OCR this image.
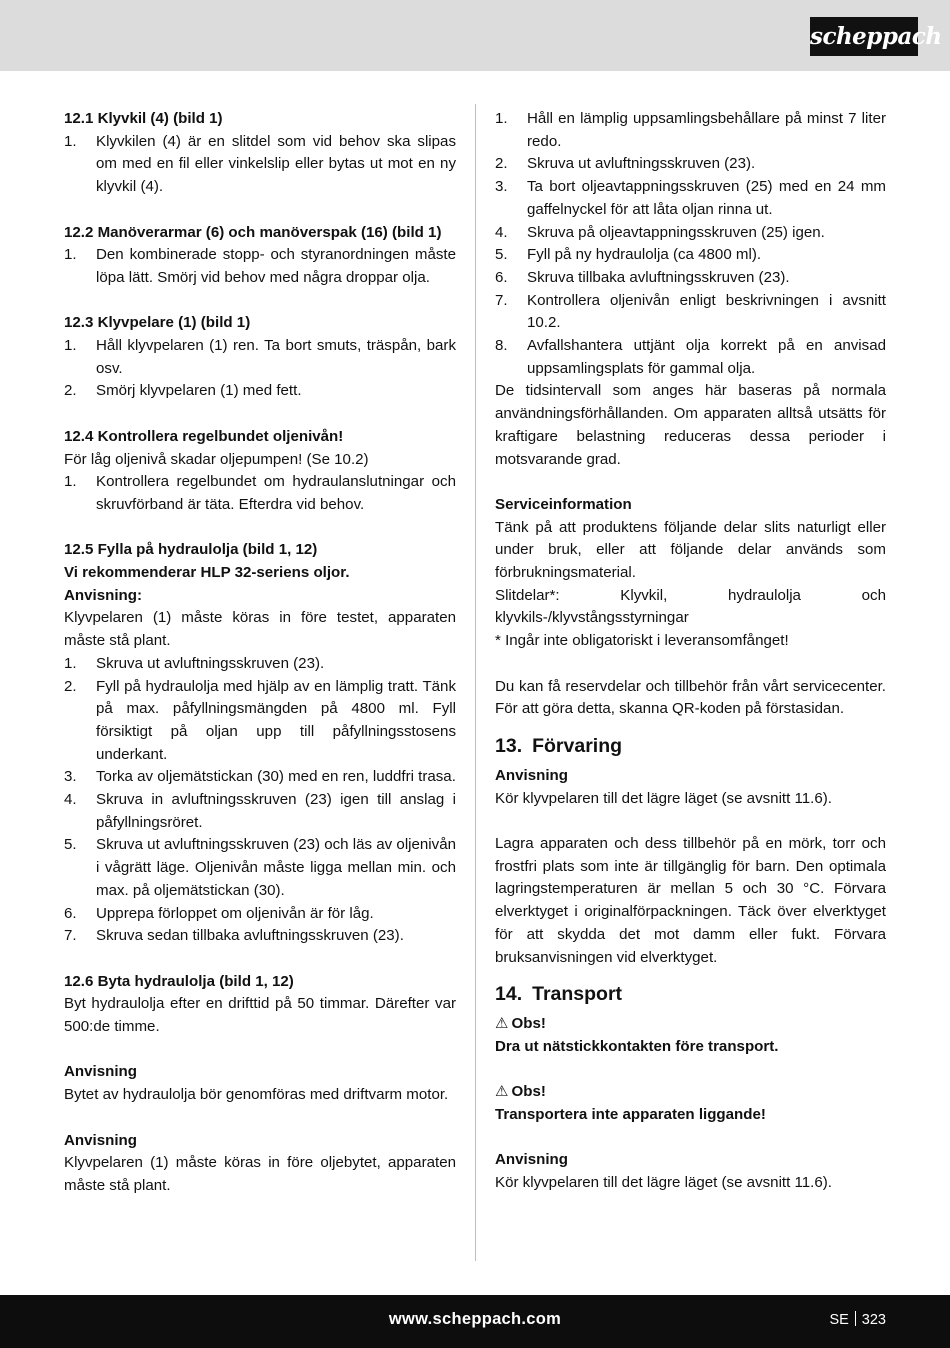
scheppach

12.1 Klyvkil (4) (bild 1)

1.	Klyvkilen (4) är en slitdel som vid behov ska slipas om med en fil eller vinkelslip eller bytas ut mot en ny klyvkil (4).

12.2 Manöverarmar (6) och manöverspak (16) (bild 1)

1.	Den kombinerade stopp- och styranordningen måste löpa lätt. Smörj vid behov med några droppar olja.

12.3 Klyvpelare (1) (bild 1)

1.	Håll klyvpelaren (1) ren. Ta bort smuts, träspån, bark osv.
2.	Smörj klyvpelaren (1) med fett.

12.4 Kontrollera regelbundet oljenivån!

För låg oljenivå skadar oljepumpen! (Se 10.2)

1.	Kontrollera regelbundet om hydraulanslutningar och skruvförband är täta. Efterdra vid behov.

12.5 Fylla på hydraulolja (bild 1, 12)

Vi rekommenderar HLP 32-seriens oljor.

Anvisning:

Klyvpelaren (1) måste köras in före testet, apparaten måste stå plant.

1.	Skruva ut avluftningsskruven (23).
2.	Fyll på hydraulolja med hjälp av en lämplig tratt. Tänk på max. påfyllningsmängden på 4800 ml. Fyll försiktigt på oljan upp till påfyllningsstosens underkant.
3.	Torka av oljemätstickan (30) med en ren, luddfri trasa.
4.	Skruva in avluftningsskruven (23) igen till anslag i påfyllningsröret.
5.	Skruva ut avluftningsskruven (23) och läs av oljenivån i vågrätt läge. Oljenivån måste ligga mellan min. och max. på oljemätstickan (30).
6.	Upprepa förloppet om oljenivån är för låg.
7.	Skruva sedan tillbaka avluftningsskruven (23).

12.6 Byta hydraulolja (bild 1, 12)

Byt hydraulolja efter en drifttid på 50 timmar. Därefter var 500:de timme.

Anvisning

Bytet av hydraulolja bör genomföras med driftvarm motor.

Anvisning

Klyvpelaren (1) måste köras in före oljebytet, apparaten måste stå plant.

1.	Håll en lämplig uppsamlingsbehållare på minst 7 liter redo.
2.	Skruva ut avluftningsskruven (23).
3.	Ta bort oljeavtappningsskruven (25) med en 24 mm gaffelnyckel för att låta oljan rinna ut.
4.	Skruva på oljeavtappningsskruven (25) igen.
5.	Fyll på ny hydraulolja (ca 4800 ml).
6.	Skruva tillbaka avluftningsskruven (23).
7.	Kontrollera oljenivån enligt beskrivningen i avsnitt 10.2.
8.	Avfallshantera uttjänt olja korrekt på en anvisad uppsamlingsplats för gammal olja.

De tidsintervall som anges här baseras på normala användningsförhållanden. Om apparaten alltså utsätts för kraftigare belastning reduceras dessa perioder i motsvarande grad.

Serviceinformation

Tänk på att produktens följande delar slits naturligt eller under bruk, eller att följande delar används som förbrukningsmaterial.

Slitdelar*: Klyvkil, hydraulolja och klyvkils-/klyvstångsstyrningar

* Ingår inte obligatoriskt i leveransomfånget!

Du kan få reservdelar och tillbehör från vårt servicecenter. För att göra detta, skanna QR-koden på förstasidan.

13. Förvaring

Anvisning

Kör klyvpelaren till det lägre läget (se avsnitt 11.6).

Lagra apparaten och dess tillbehör på en mörk, torr och frostfri plats som inte är tillgänglig för barn. Den optimala lagringstemperaturen är mellan 5 och 30 °C. Förvara elverktyget i originalförpackningen. Täck över elverktyget för att skydda det mot damm eller fukt. Förvara bruksanvisningen vid elverktyget.

14. Transport

⚠ Obs!

Dra ut nätstickkontakten före transport.

⚠ Obs!

Transportera inte apparaten liggande!

Anvisning

Kör klyvpelaren till det lägre läget (se avsnitt 11.6).

www.scheppach.com	SE 323
